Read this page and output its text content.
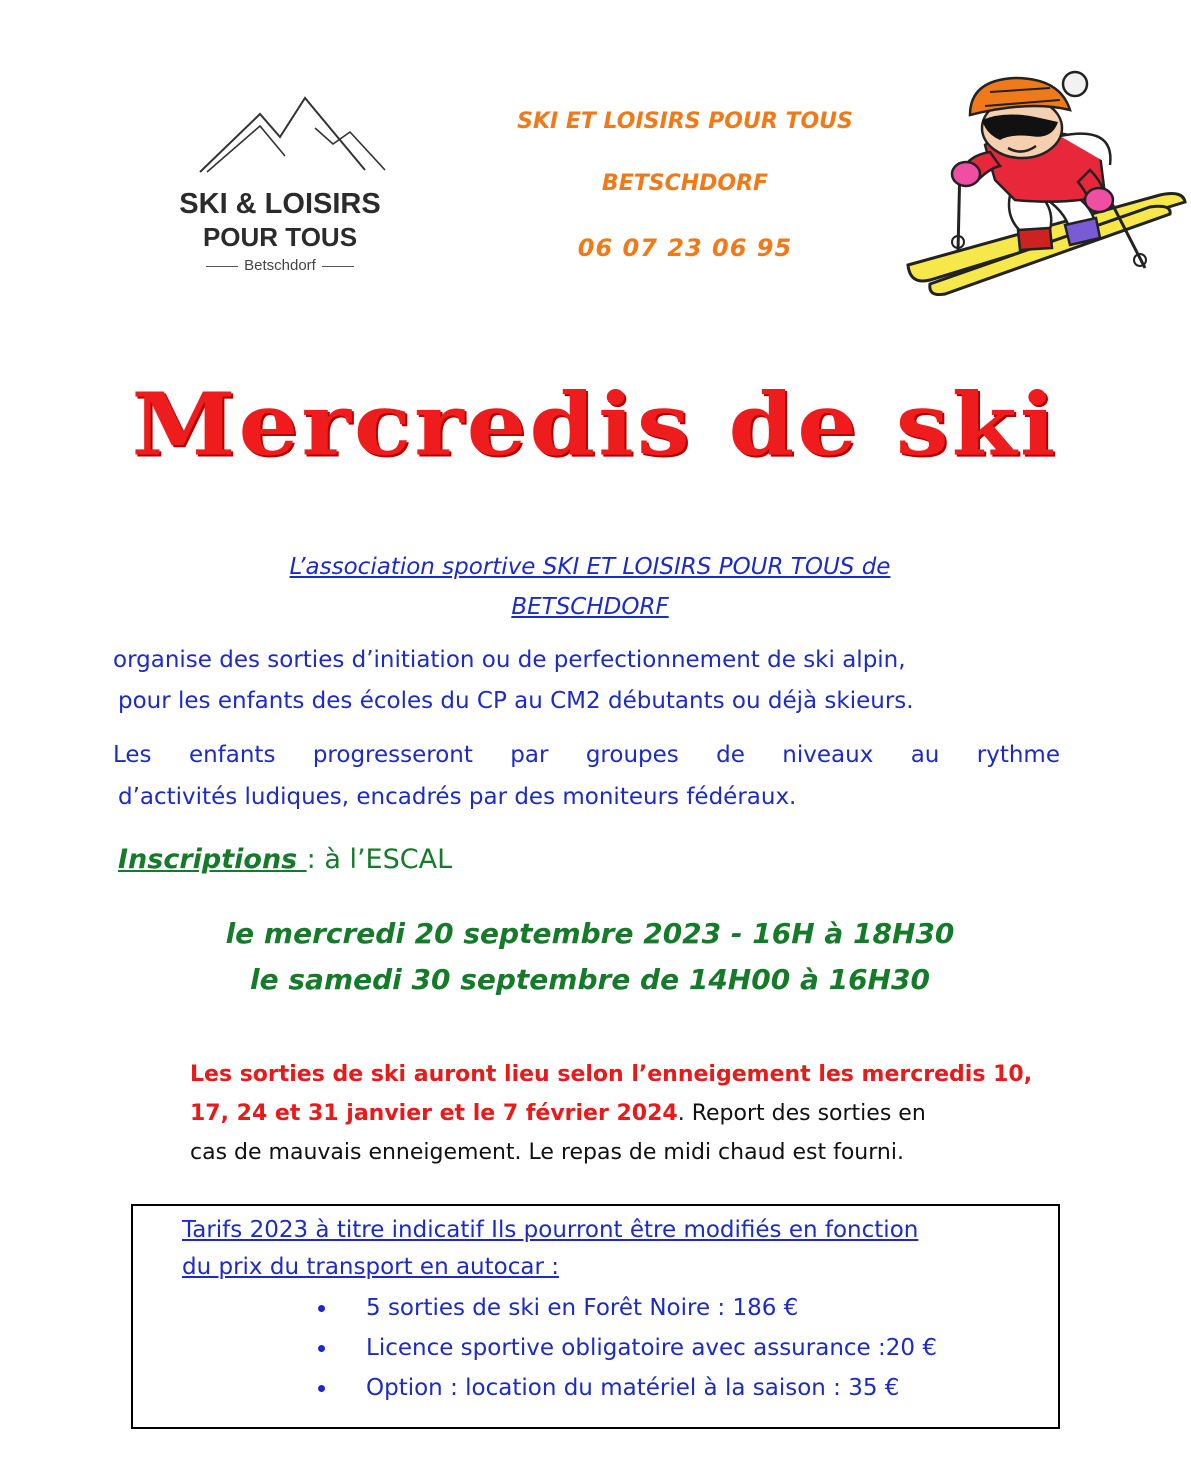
SKI & LOISIRS
POUR TOUS
Betschdorf
SKI ET LOISIRS POUR TOUS
BETSCHDORF
06 07 23 06 95
Mercredis de ski
L’association sportive SKI ET LOISIRS POUR TOUS de
BETSCHDORF
organise des sorties d’initiation ou de perfectionnement de ski alpin,
pour les enfants des écoles du CP au CM2 débutants ou déjà skieurs.
Les enfants progresseront par groupes de niveaux au rythme
d’activités ludiques, encadrés par des moniteurs fédéraux.
Inscriptions : à l’ESCAL
le mercredi 20 septembre 2023 - 16H à 18H30
le samedi 30 septembre de 14H00 à 16H30
Les sorties de ski auront lieu selon l’enneigement les mercredis 10,
17, 24 et 31 janvier et le 7 février 2024. Report des sorties en
cas de mauvais enneigement. Le repas de midi chaud est fourni.
Tarifs 2023 à titre indicatif Ils pourront être modifiés en fonction
du prix du transport en autocar :
5 sorties de ski en Forêt Noire : 186 €
Licence sportive obligatoire avec assurance :20 €
Option : location du matériel à la saison : 35 €
